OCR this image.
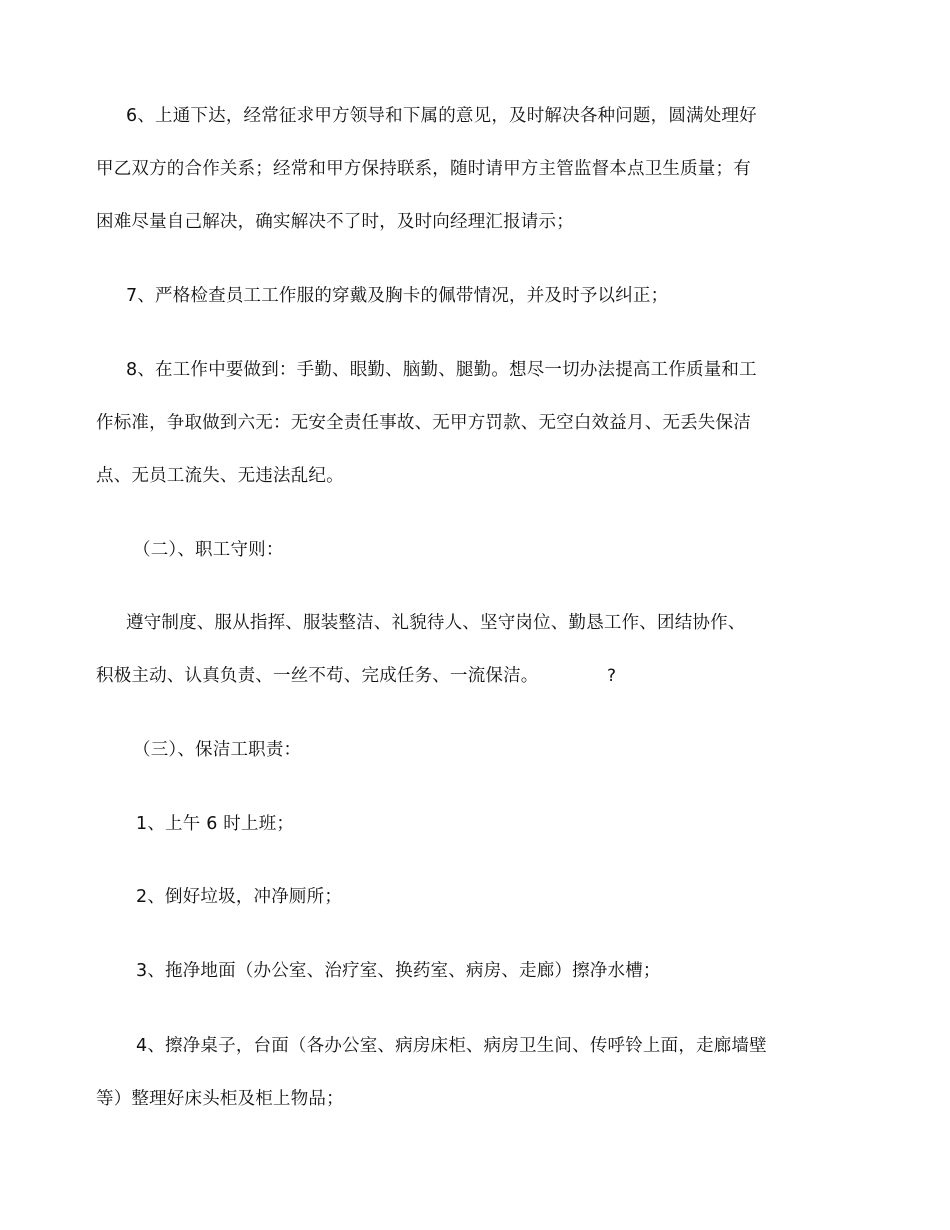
6、上通下达，经常征求甲方领导和下属的意见，及时解决各种问题，圆满处理好
甲乙双方的合作关系；经常和甲方保持联系，随时请甲方主管监督本点卫生质量；有
困难尽量自己解决，确实解决不了时，及时向经理汇报请示；
7、严格检查员工工作服的穿戴及胸卡的佩带情况，并及时予以纠正；
8、在工作中要做到：手勤、眼勤、脑勤、腿勤。想尽一切办法提高工作质量和工
作标准，争取做到六无：无安全责任事故、无甲方罚款、无空白效益月、无丢失保洁
点、无员工流失、无违法乱纪。
（二）、职工守则：
遵守制度、服从指挥、服装整洁、礼貌待人、坚守岗位、勤恳工作、团结协作、
积极主动、认真负责、一丝不苟、完成任务、一流保洁。	?
（三）、保洁工职责：
1、上午 6 时上班；
2、倒好垃圾，冲净厕所；
3、拖净地面（办公室、治疗室、换药室、病房、走廊）擦净水槽；
4、擦净桌子，台面（各办公室、病房床柜、病房卫生间、传呼铃上面，走廊墙壁
等）整理好床头柜及柜上物品；
